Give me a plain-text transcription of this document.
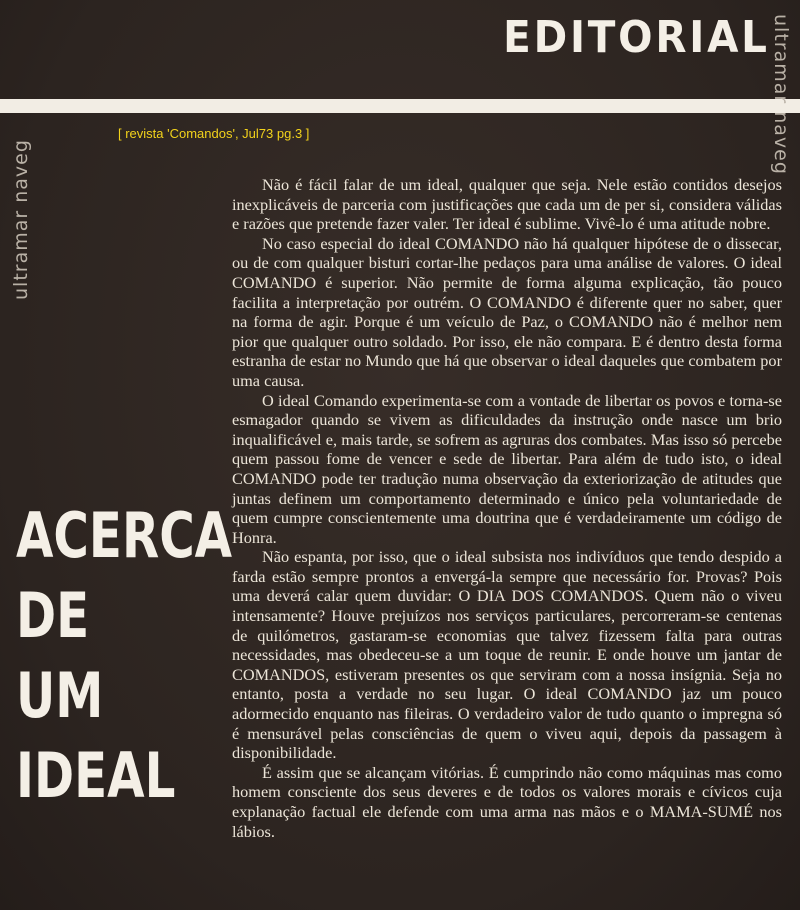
EDITORIAL
[ revista 'Comandos', Jul73 pg.3 ]
ultramar naveg
ultramar naveg
ACERCA
DE
UM
IDEAL

Não é fácil falar de um ideal, qualquer que seja. Nele estão contidos desejos inexplicáveis de parceria com justificações que cada um de per si, considera válidas e razões que pretende fazer valer. Ter ideal é sublime. Vivê-lo é uma atitude nobre.

No caso especial do ideal COMANDO não há qualquer hipótese de o dissecar, ou de com qualquer bisturi cortar-lhe pedaços para uma análise de valores. O ideal COMANDO é superior. Não permite de forma alguma explicação, tão pouco facilita a interpretação por outrém. O COMANDO é diferente quer no saber, quer na forma de agir. Porque é um veículo de Paz, o COMANDO não é melhor nem pior que qualquer outro soldado. Por isso, ele não compara. E é dentro desta forma estranha de estar no Mundo que há que observar o ideal daqueles que combatem por uma causa.

O ideal Comando experimenta-se com a vontade de libertar os povos e torna-se esmagador quando se vivem as dificuldades da instrução onde nasce um brio inqualificável e, mais tarde, se sofrem as agruras dos combates. Mas isso só percebe quem passou fome de vencer e sede de libertar. Para além de tudo isto, o ideal COMANDO pode ter tradução numa observação da exteriorização de atitudes que juntas definem um comportamento determinado e único pela voluntariedade de quem cumpre conscientemente uma doutrina que é verdadeiramente um código de Honra.

Não espanta, por isso, que o ideal subsista nos indivíduos que tendo despido a farda estão sempre prontos a envergá-la sempre que necessário for. Provas? Pois uma deverá calar quem duvidar: O DIA DOS COMANDOS. Quem não o viveu intensamente? Houve prejuízos nos serviços particulares, percorreram-se centenas de quilómetros, gastaram-se economias que talvez fizessem falta para outras necessidades, mas obedeceu-se a um toque de reunir. E onde houve um jantar de COMANDOS, estiveram presentes os que serviram com a nossa insígnia. Seja no entanto, posta a verdade no seu lugar. O ideal COMANDO jaz um pouco adormecido enquanto nas fileiras. O verdadeiro valor de tudo quanto o impregna só é mensurável pelas consciências de quem o viveu aqui, depois da passagem à disponibilidade.

É assim que se alcançam vitórias. É cumprindo não como máquinas mas como homem consciente dos seus deveres e de todos os valores morais e cívicos cuja explanação factual ele defende com uma arma nas mãos e o MAMA-SUMÉ nos lábios.
